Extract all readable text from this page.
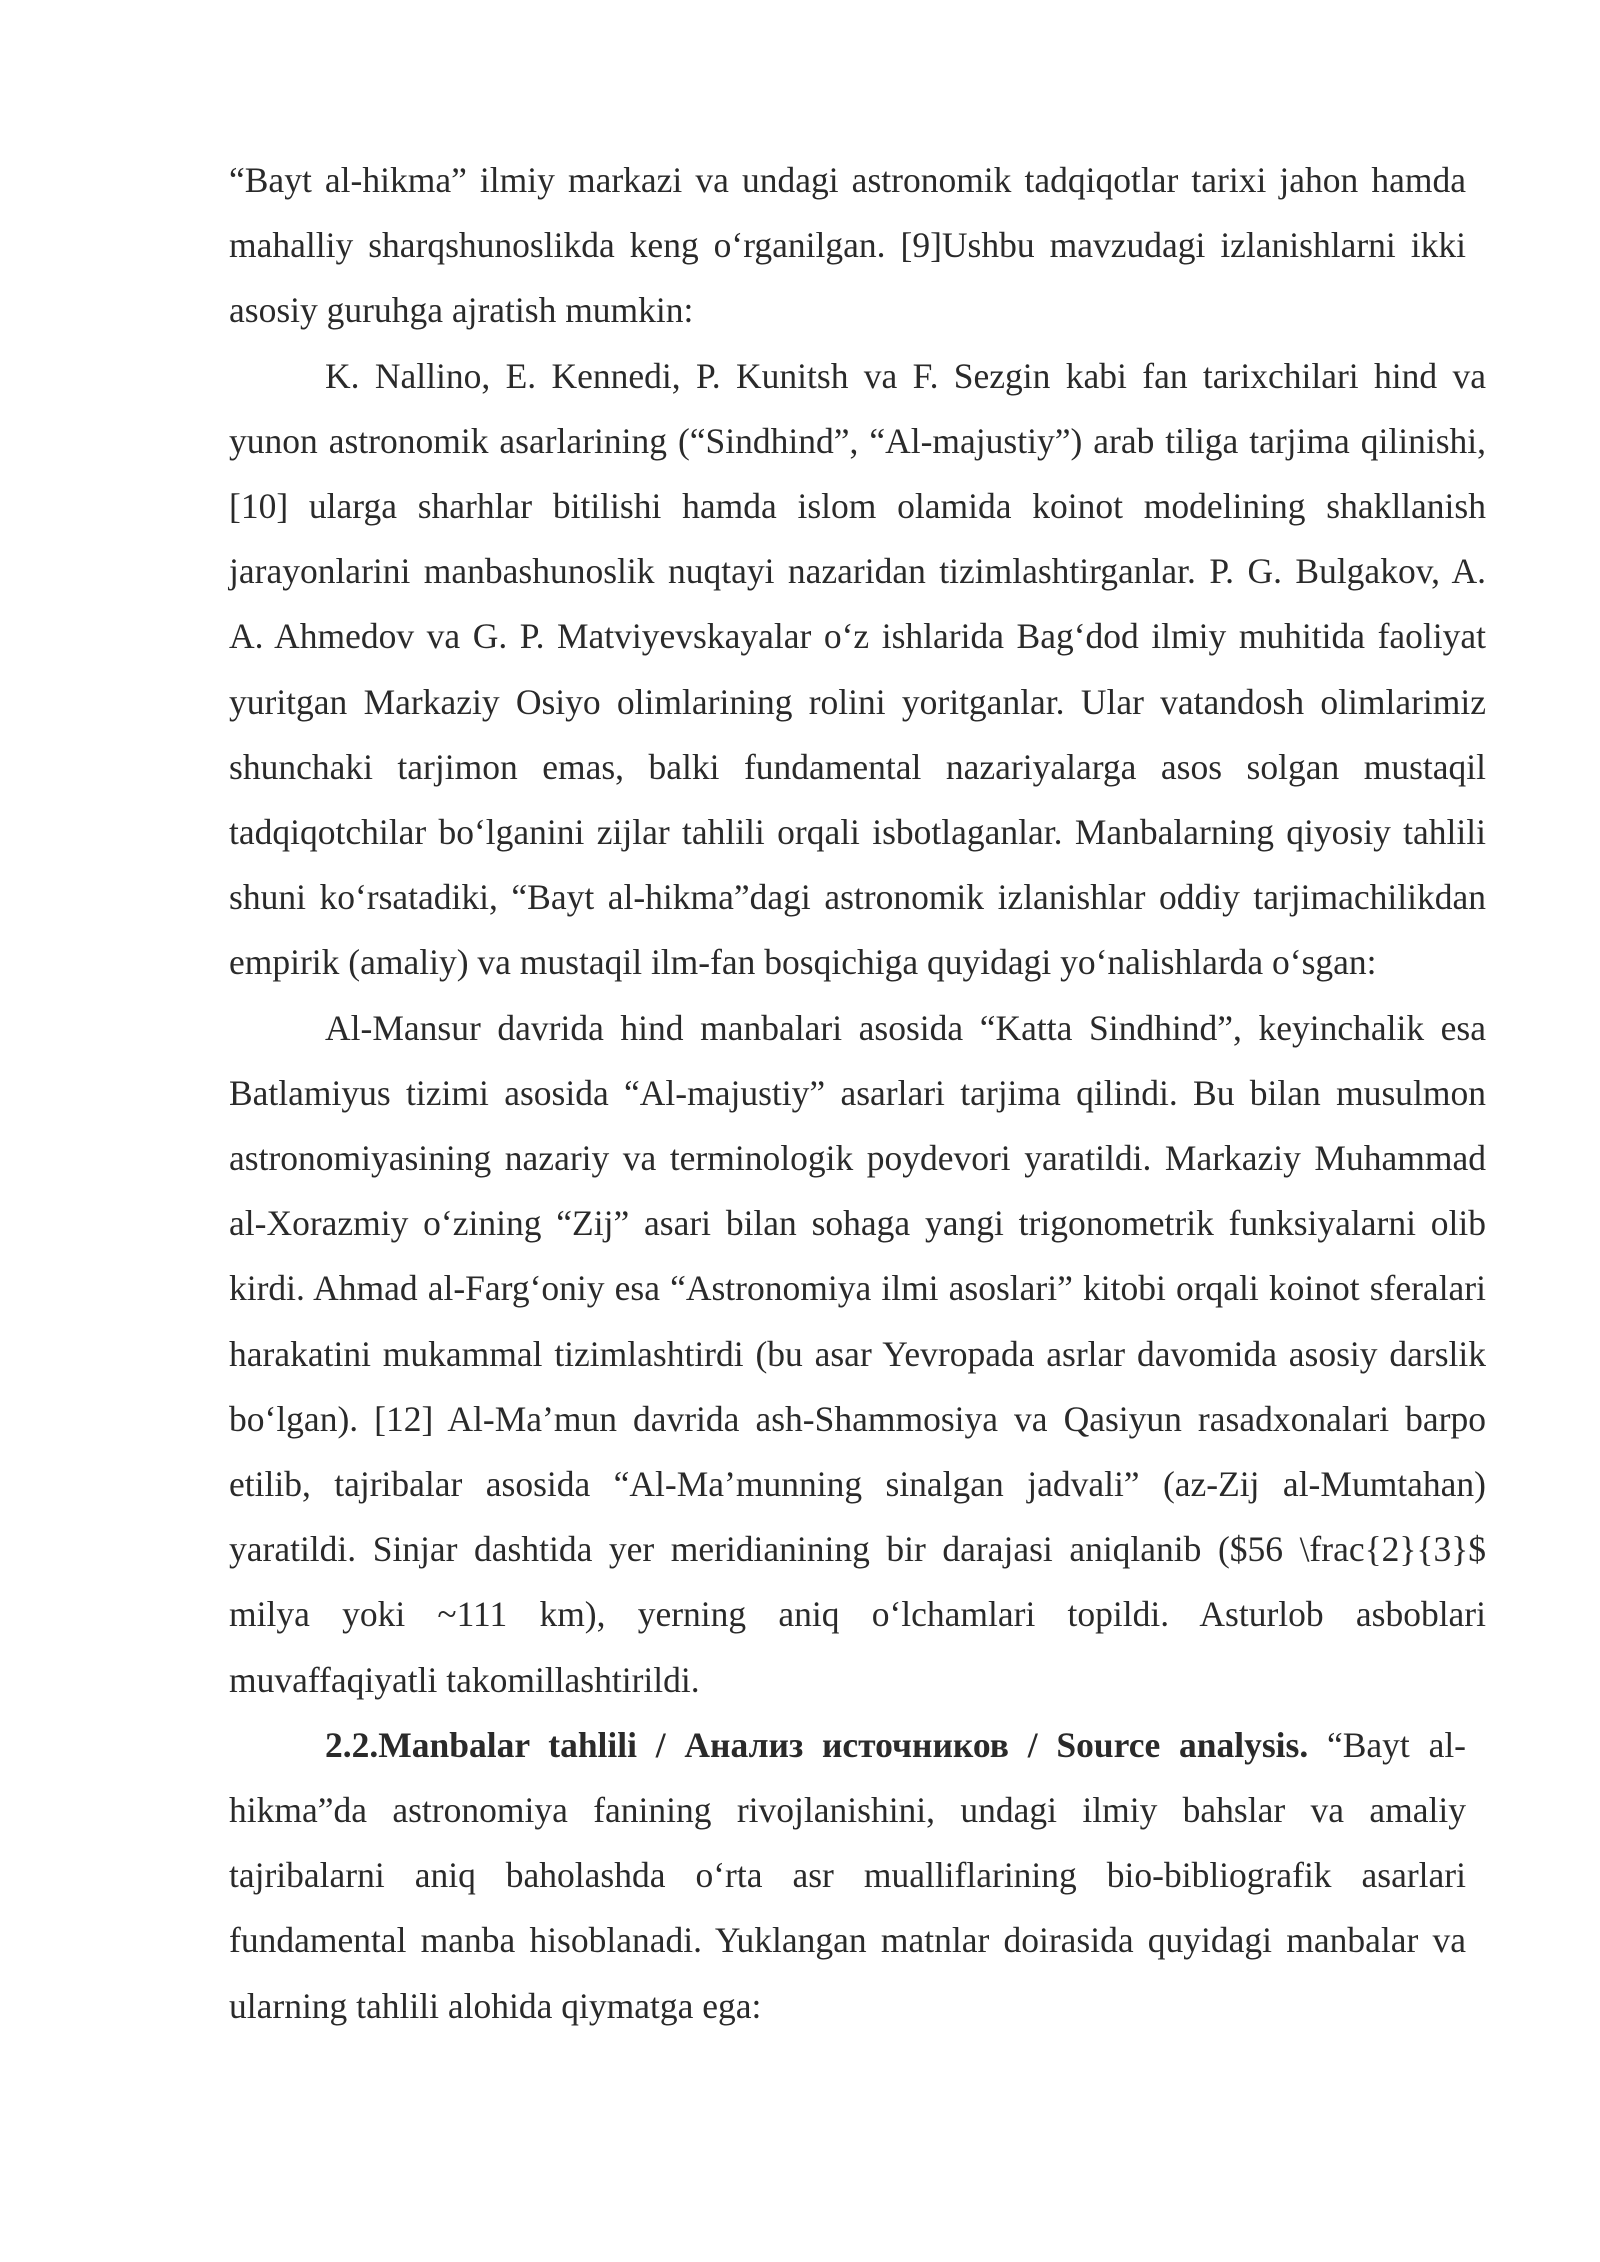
“Bayt al-hikma” ilmiy markazi va undagi astronomik tadqiqotlar tarixi jahon hamda mahalliy sharqshunoslikda keng o‘rganilgan. [9]Ushbu mavzudagi izlanishlarni ikki asosiy guruhga ajratish mumkin:

K. Nallino, E. Kennedi, P. Kunitsh va F. Sezgin kabi fan tarixchilari hind va yunon astronomik asarlarining (“Sindhind”, “Al-majustiy”) arab tiliga tarjima qilinishi, [10] ularga sharhlar bitilishi hamda islom olamida koinot modelining shakllanish jarayonlarini manbashunoslik nuqtayi nazaridan tizimlashtirganlar. P. G. Bulgakov, A. A. Ahmedov va G. P. Matviyevskayalar o‘z ishlarida Bag‘dod ilmiy muhitida faoliyat yuritgan Markaziy Osiyo olimlarining rolini yoritganlar. Ular vatandosh olimlarimiz shunchaki tarjimon emas, balki fundamental nazariyalarga asos solgan mustaqil tadqiqotchilar bo‘lganini zijlar tahlili orqali isbotlaganlar. Manbalarning qiyosiy tahlili shuni ko‘rsatadiki, “Bayt al-hikma”dagi astronomik izlanishlar oddiy tarjimachilikdan empirik (amaliy) va mustaqil ilm-fan bosqichiga quyidagi yo‘nalishlarda o‘sgan:

Al-Mansur davrida hind manbalari asosida “Katta Sindhind”, keyinchalik esa Batlamiyus tizimi asosida “Al-majustiy” asarlari tarjima qilindi. Bu bilan musulmon astronomiyasining nazariy va terminologik poydevori yaratildi. Markaziy Muhammad al-Xorazmiy o‘zining “Zij” asari bilan sohaga yangi trigonometrik funksiyalarni olib kirdi. Ahmad al-Farg‘oniy esa “Astronomiya ilmi asoslari” kitobi orqali koinot sferalari harakatini mukammal tizimlashtirdi (bu asar Yevropada asrlar davomida asosiy darslik bo‘lgan). [12] Al-Ma’mun davrida ash-Shammosiya va Qasiyun rasadxonalari barpo etilib, tajribalar asosida “Al-Ma’munning sinalgan jadvali” (az-Zij al-Mumtahan) yaratildi. Sinjar dashtida yer meridianining bir darajasi aniqlanib ($56 \frac{2}{3}$ milya yoki ~111 km), yerning aniq o‘lchamlari topildi. Asturlob asboblari muvaffaqiyatli takomillashtirildi.

2.2.Manbalar tahlili / Анализ источников / Source analysis. “Bayt al-hikma”da astronomiya fanining rivojlanishini, undagi ilmiy bahslar va amaliy tajribalarni aniq baholashda o‘rta asr mualliflarining bio-bibliografik asarlari fundamental manba hisoblanadi. Yuklangan matnlar doirasida quyidagi manbalar va ularning tahlili alohida qiymatga ega:
